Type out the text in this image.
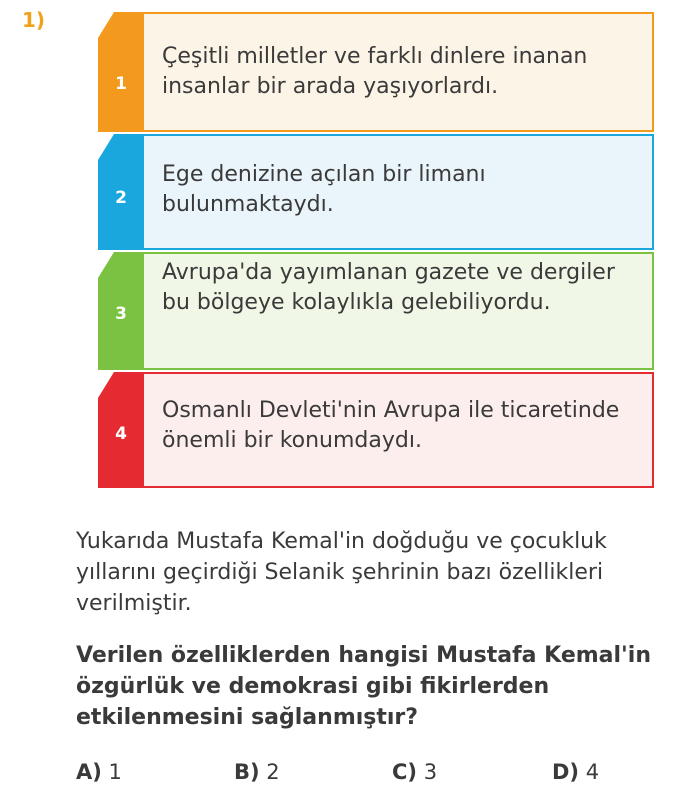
1)
Çeşitli milletler ve farklı dinlere inanan insanlar bir arada yaşıyorlardı.
1
Ege denizine açılan bir limanı bulunmaktaydı.
2
Avrupa'da yayımlanan gazete ve dergiler bu bölgeye kolaylıkla gelebiliyordu.
3
Osmanlı Devleti'nin Avrupa ile ticaretinde önemli bir konumdaydı.
4
Yukarıda Mustafa Kemal'in doğduğu ve çocukluk yıllarını geçirdiği Selanik şehrinin bazı özellikleri verilmiştir.
Verilen özelliklerden hangisi Mustafa Kemal'in özgürlük ve demokrasi gibi fikirlerden etkilenmesini sağlanmıştır?
A) 1	B) 2	C) 3	D) 4
